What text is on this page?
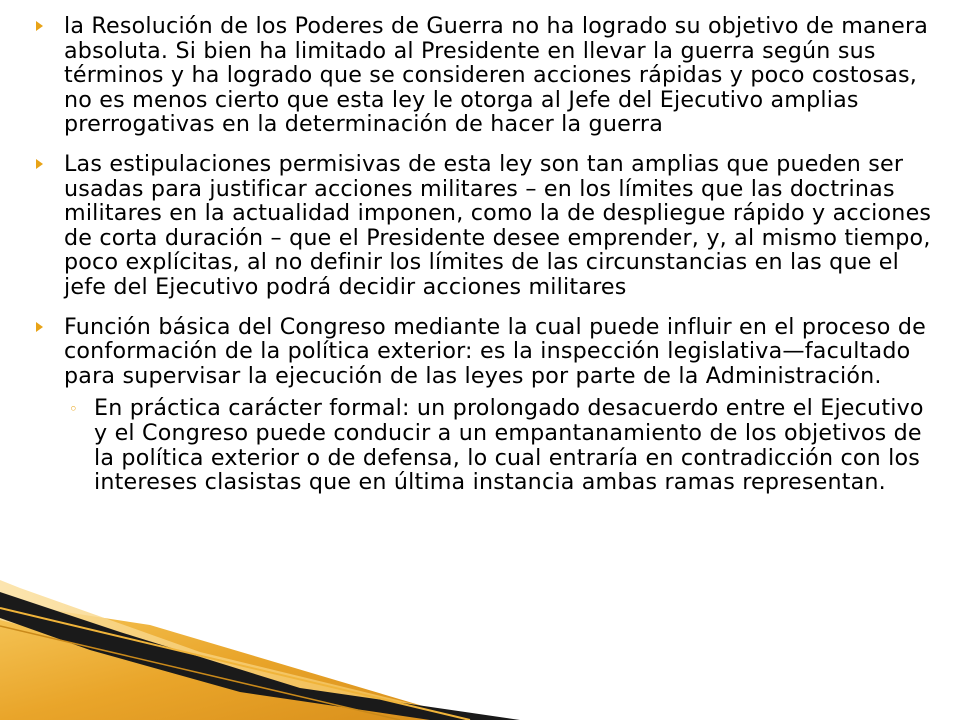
la Resolución de los Poderes de Guerra no ha logrado su objetivo de manera absoluta. Si bien ha limitado al Presidente en llevar la guerra según sus términos y ha logrado que se consideren acciones rápidas y poco costosas, no es menos cierto que esta ley le otorga al Jefe del Ejecutivo amplias prerrogativas en la determinación de hacer la guerra
Las estipulaciones permisivas de esta ley son tan amplias que pueden ser usadas para justificar acciones militares – en los límites que las doctrinas militares en la actualidad imponen, como la de despliegue rápido y acciones de corta duración – que el Presidente desee emprender, y, al mismo tiempo, poco explícitas, al no definir los límites de las circunstancias en las que el jefe del Ejecutivo podrá decidir acciones militares
Función básica del Congreso mediante la cual puede influir en el proceso de conformación de la política exterior: es la inspección legislativa—facultado para supervisar la ejecución de las leyes por parte de la Administración.
◦ En práctica carácter formal: un prolongado desacuerdo entre el Ejecutivo y el Congreso puede conducir a un empantanamiento de los objetivos de la política exterior o de defensa, lo cual entraría en contradicción con los intereses clasistas que en última instancia ambas ramas representan.
